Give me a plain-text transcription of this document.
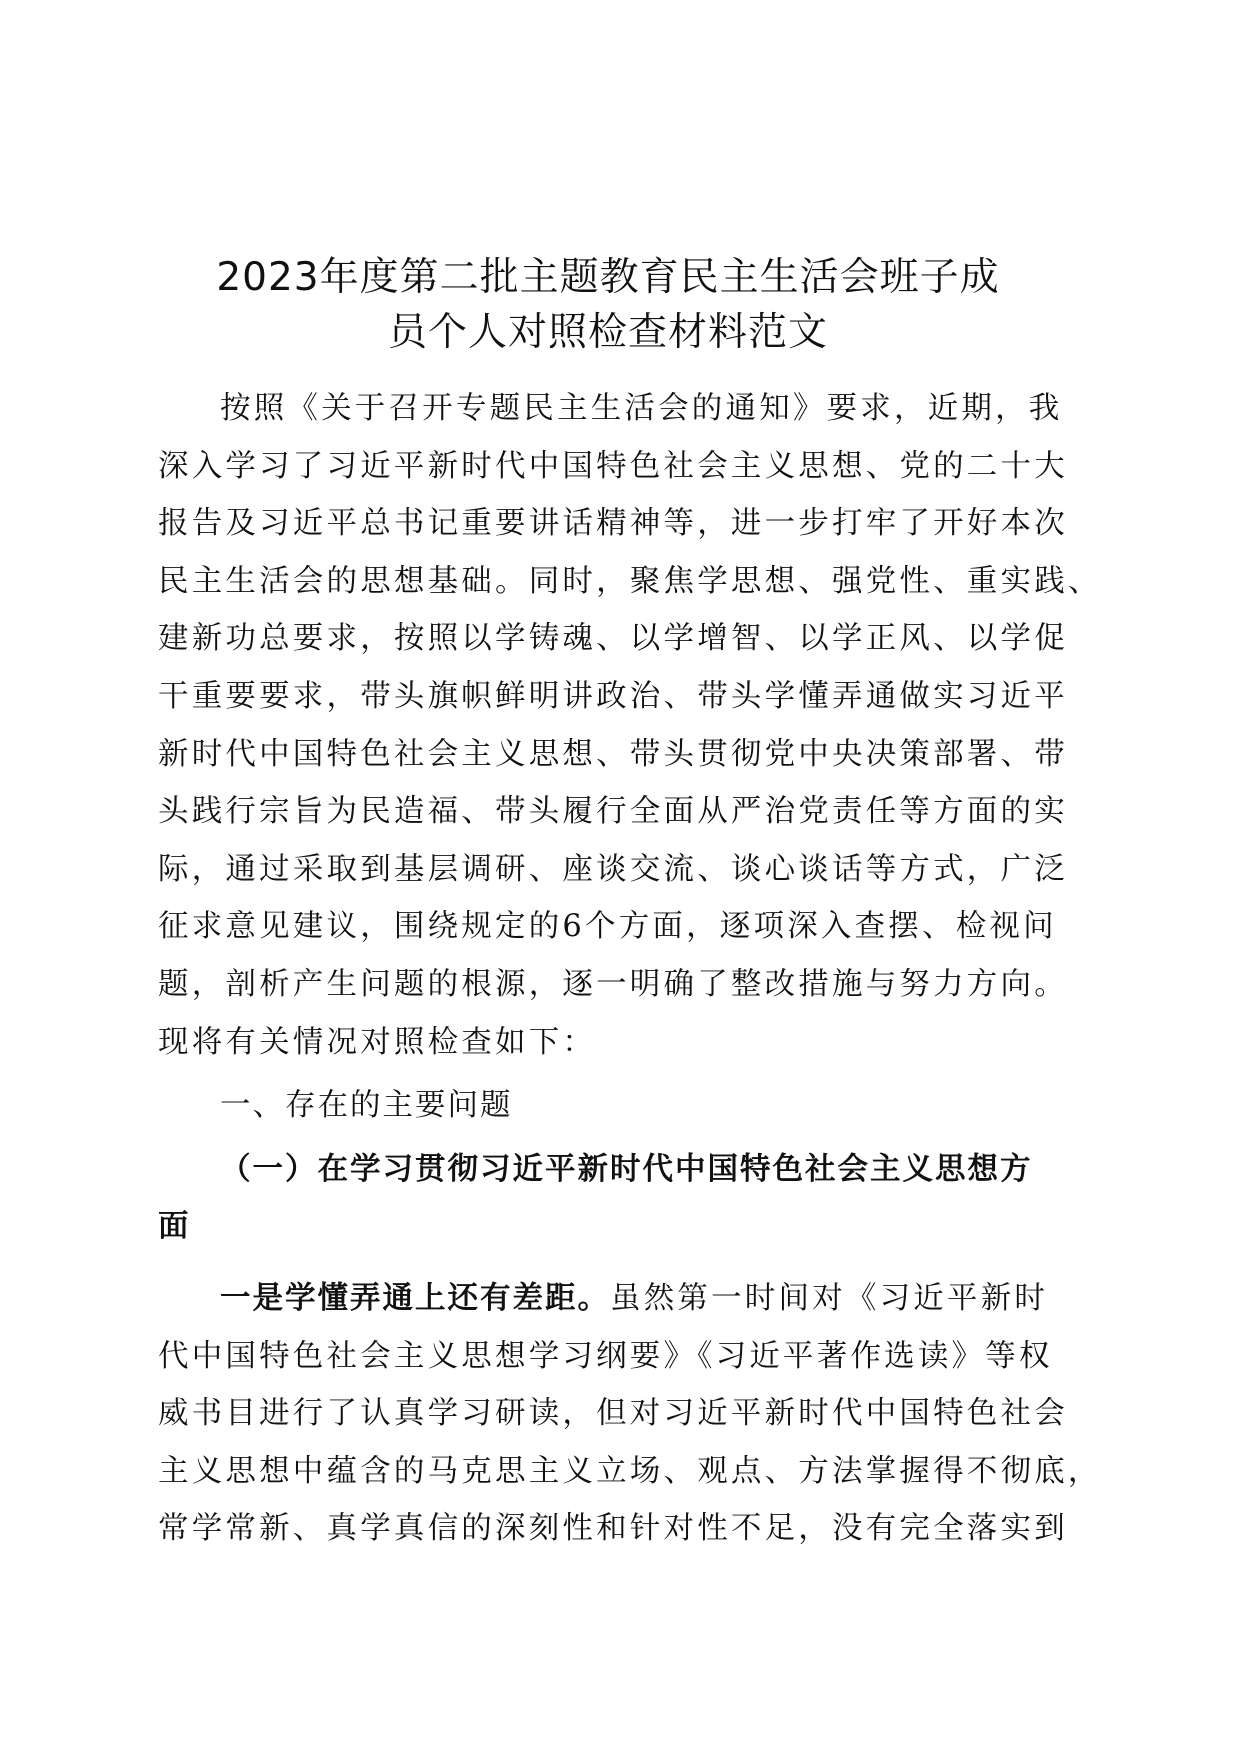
2023年度第二批主题教育民主生活会班子成
员个人对照检查材料范文
按照《关于召开专题民主生活会的通知》要求，近期，我
深入学习了习近平新时代中国特色社会主义思想、党的二十大
报告及习近平总书记重要讲话精神等，进一步打牢了开好本次
民主生活会的思想基础。同时，聚焦学思想、强党性、重实践、
建新功总要求，按照以学铸魂、以学增智、以学正风、以学促
干重要要求，带头旗帜鲜明讲政治、带头学懂弄通做实习近平
新时代中国特色社会主义思想、带头贯彻党中央决策部署、带
头践行宗旨为民造福、带头履行全面从严治党责任等方面的实
际，通过采取到基层调研、座谈交流、谈心谈话等方式，广泛
征求意见建议，围绕规定的6个方面，逐项深入查摆、检视问
题，剖析产生问题的根源，逐一明确了整改措施与努力方向。
现将有关情况对照检查如下：
一、存在的主要问题
（一）在学习贯彻习近平新时代中国特色社会主义思想方
面
一是学懂弄通上还有差距。虽然第一时间对《习近平新时
代中国特色社会主义思想学习纲要》《习近平著作选读》等权
威书目进行了认真学习研读，但对习近平新时代中国特色社会
主义思想中蕴含的马克思主义立场、观点、方法掌握得不彻底，
常学常新、真学真信的深刻性和针对性不足，没有完全落实到
